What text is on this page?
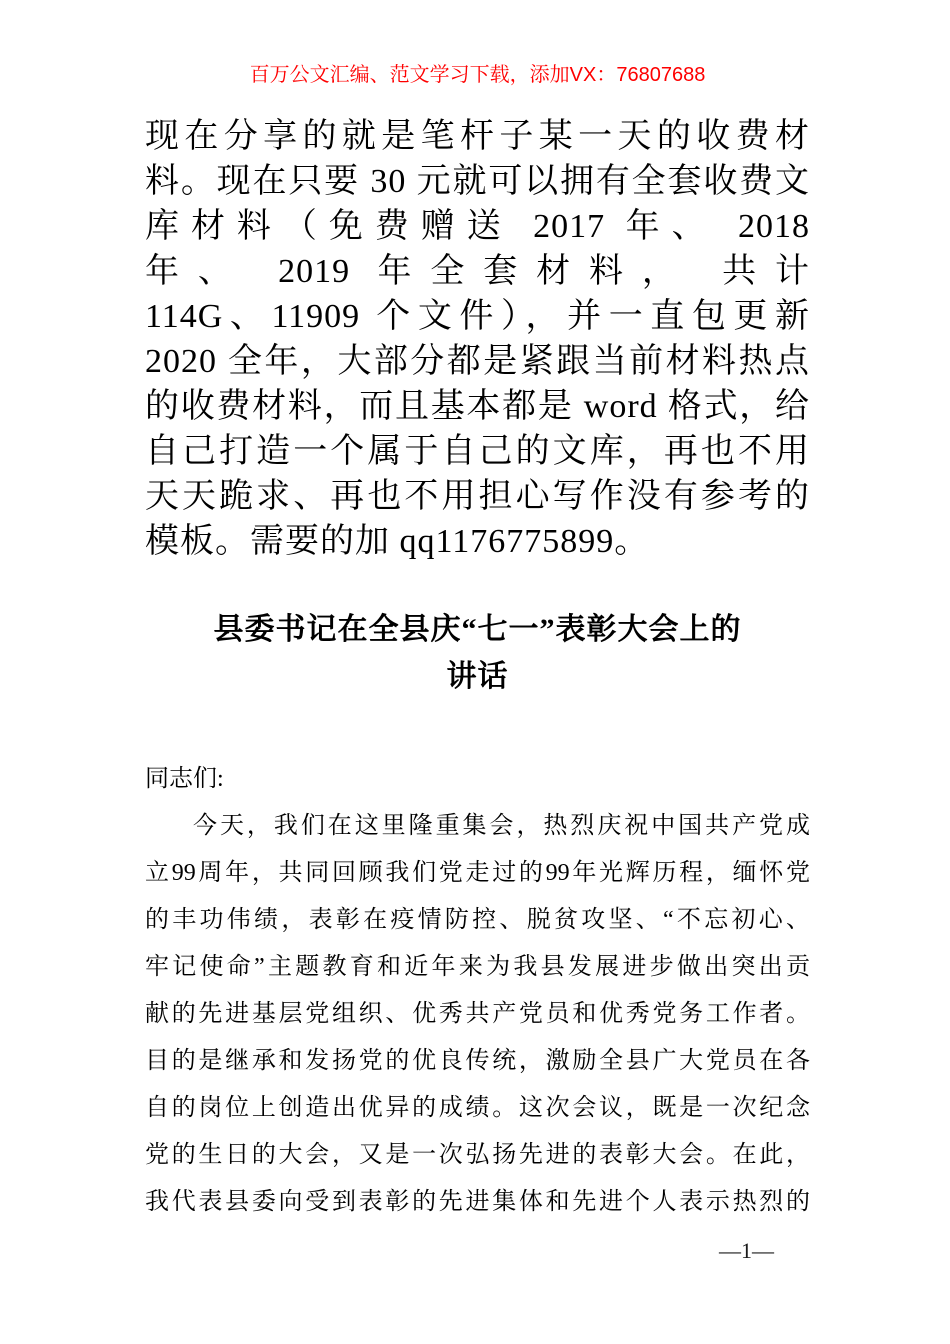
百万公文汇编、范文学习下载，添加VX：76807688
现在分享的就是笔杆子某一天的收费材
料。现在只要 30 元就可以拥有全套收费文
库材料（免费赠送 2017 年、 2018
年、 2019 年全套材料， 共计
114G、11909 个文件），并一直包更新
2020 全年，大部分都是紧跟当前材料热点
的收费材料，而且基本都是 word 格式，给
自己打造一个属于自己的文库，再也不用
天天跪求、再也不用担心写作没有参考的
模板。需要的加 qq1176775899。
县委书记在全县庆“七一”表彰大会上的
讲话
同志们:
今天，我们在这里隆重集会，热烈庆祝中国共产党成
立99周年，共同回顾我们党走过的99年光辉历程，缅怀党
的丰功伟绩，表彰在疫情防控、脱贫攻坚、“不忘初心、
牢记使命”主题教育和近年来为我县发展进步做出突出贡
献的先进基层党组织、优秀共产党员和优秀党务工作者。
目的是继承和发扬党的优良传统，激励全县广大党员在各
自的岗位上创造出优异的成绩。这次会议，既是一次纪念
党的生日的大会，又是一次弘扬先进的表彰大会。在此，
我代表县委向受到表彰的先进集体和先进个人表示热烈的
—1—
